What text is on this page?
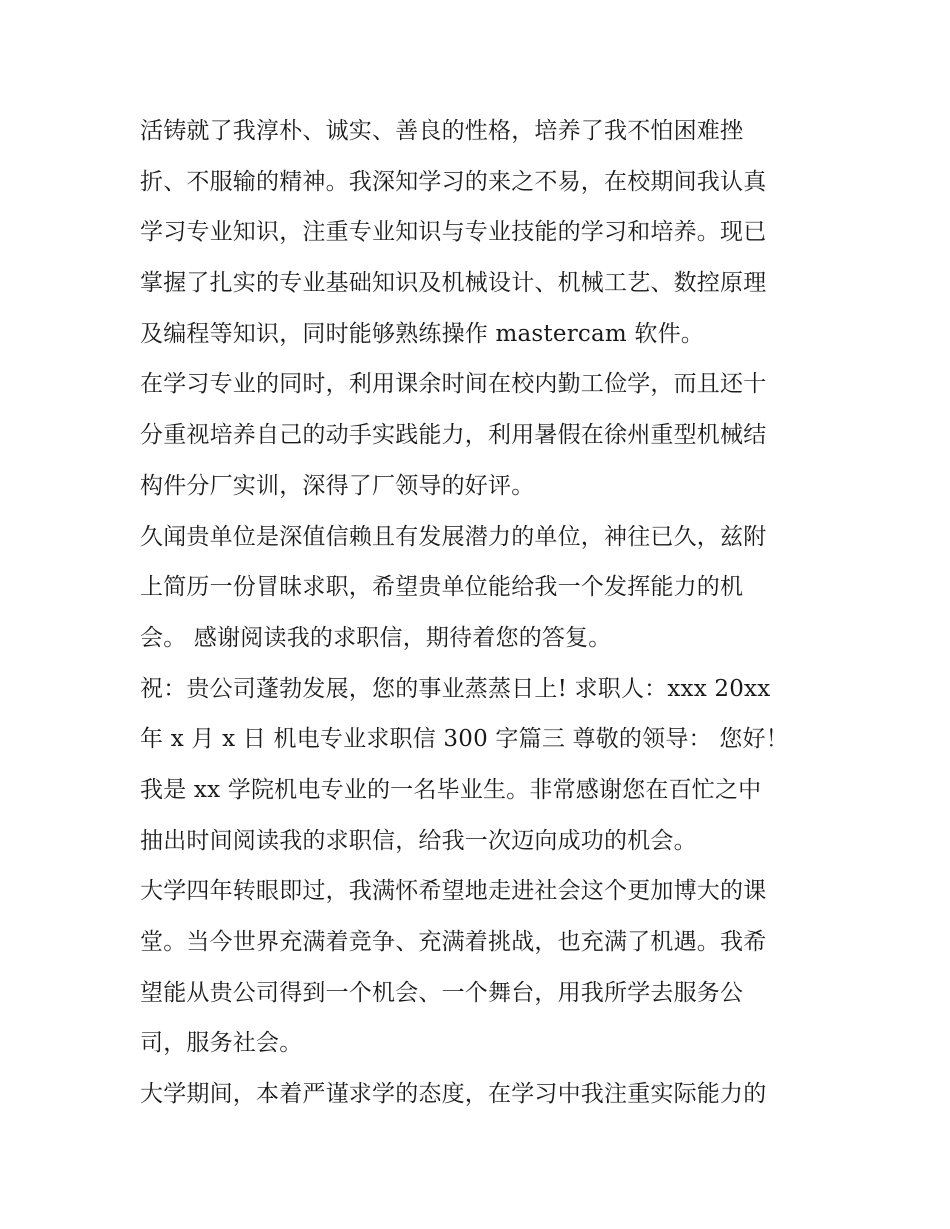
活铸就了我淳朴、诚实、善良的性格，培养了我不怕困难挫
折、不服输的精神。我深知学习的来之不易，在校期间我认真
学习专业知识，注重专业知识与专业技能的学习和培养。现已
掌握了扎实的专业基础知识及机械设计、机械工艺、数控原理
及编程等知识，同时能够熟练操作 mastercam 软件。
在学习专业的同时，利用课余时间在校内勤工俭学，而且还十
分重视培养自己的动手实践能力，利用暑假在徐州重型机械结
构件分厂实训，深得了厂领导的好评。
久闻贵单位是深值信赖且有发展潜力的单位，神往已久，兹附
上简历一份冒昧求职，希望贵单位能给我一个发挥能力的机
会。 感谢阅读我的求职信，期待着您的答复。
祝：贵公司蓬勃发展，您的事业蒸蒸日上! 求职人：xxx 20xx
年 x 月 x 日 机电专业求职信 300 字篇三 尊敬的领导： 您好！
我是 xx 学院机电专业的一名毕业生。非常感谢您在百忙之中
抽出时间阅读我的求职信，给我一次迈向成功的机会。
大学四年转眼即过，我满怀希望地走进社会这个更加博大的课
堂。当今世界充满着竞争、充满着挑战，也充满了机遇。我希
望能从贵公司得到一个机会、一个舞台，用我所学去服务公
司，服务社会。
大学期间，本着严谨求学的态度，在学习中我注重实际能力的
